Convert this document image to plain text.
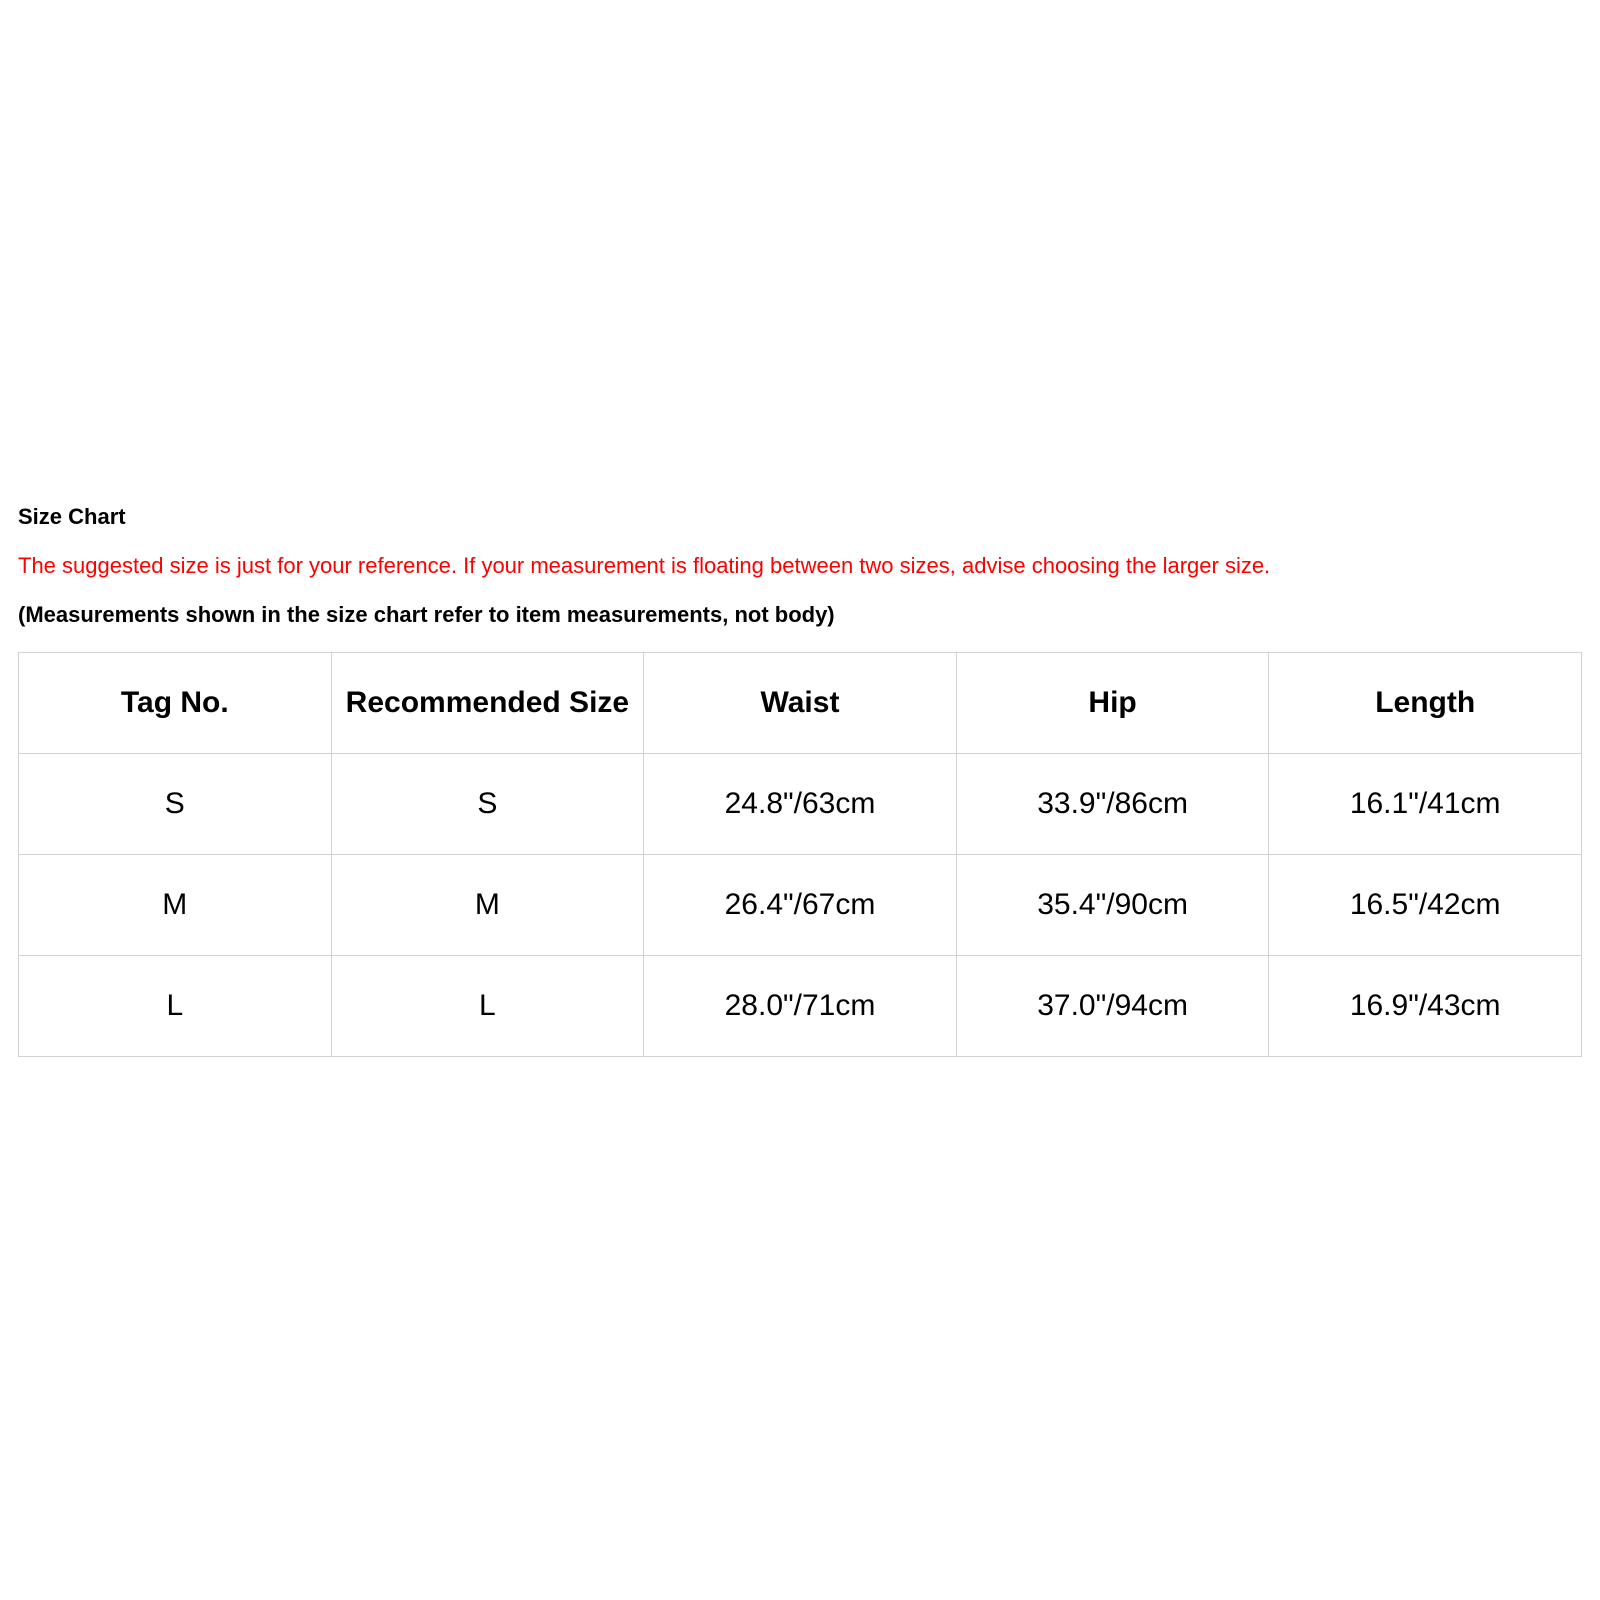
Size Chart
The suggested size is just for your reference. If your measurement is floating between two sizes, advise choosing the larger size.
(Measurements shown in the size chart refer to item measurements, not body)
Tag No.	Recommended Size	Waist	Hip	Length
S	S	24.8"/63cm	33.9"/86cm	16.1"/41cm
M	M	26.4"/67cm	35.4"/90cm	16.5"/42cm
L	L	28.0"/71cm	37.0"/94cm	16.9"/43cm
